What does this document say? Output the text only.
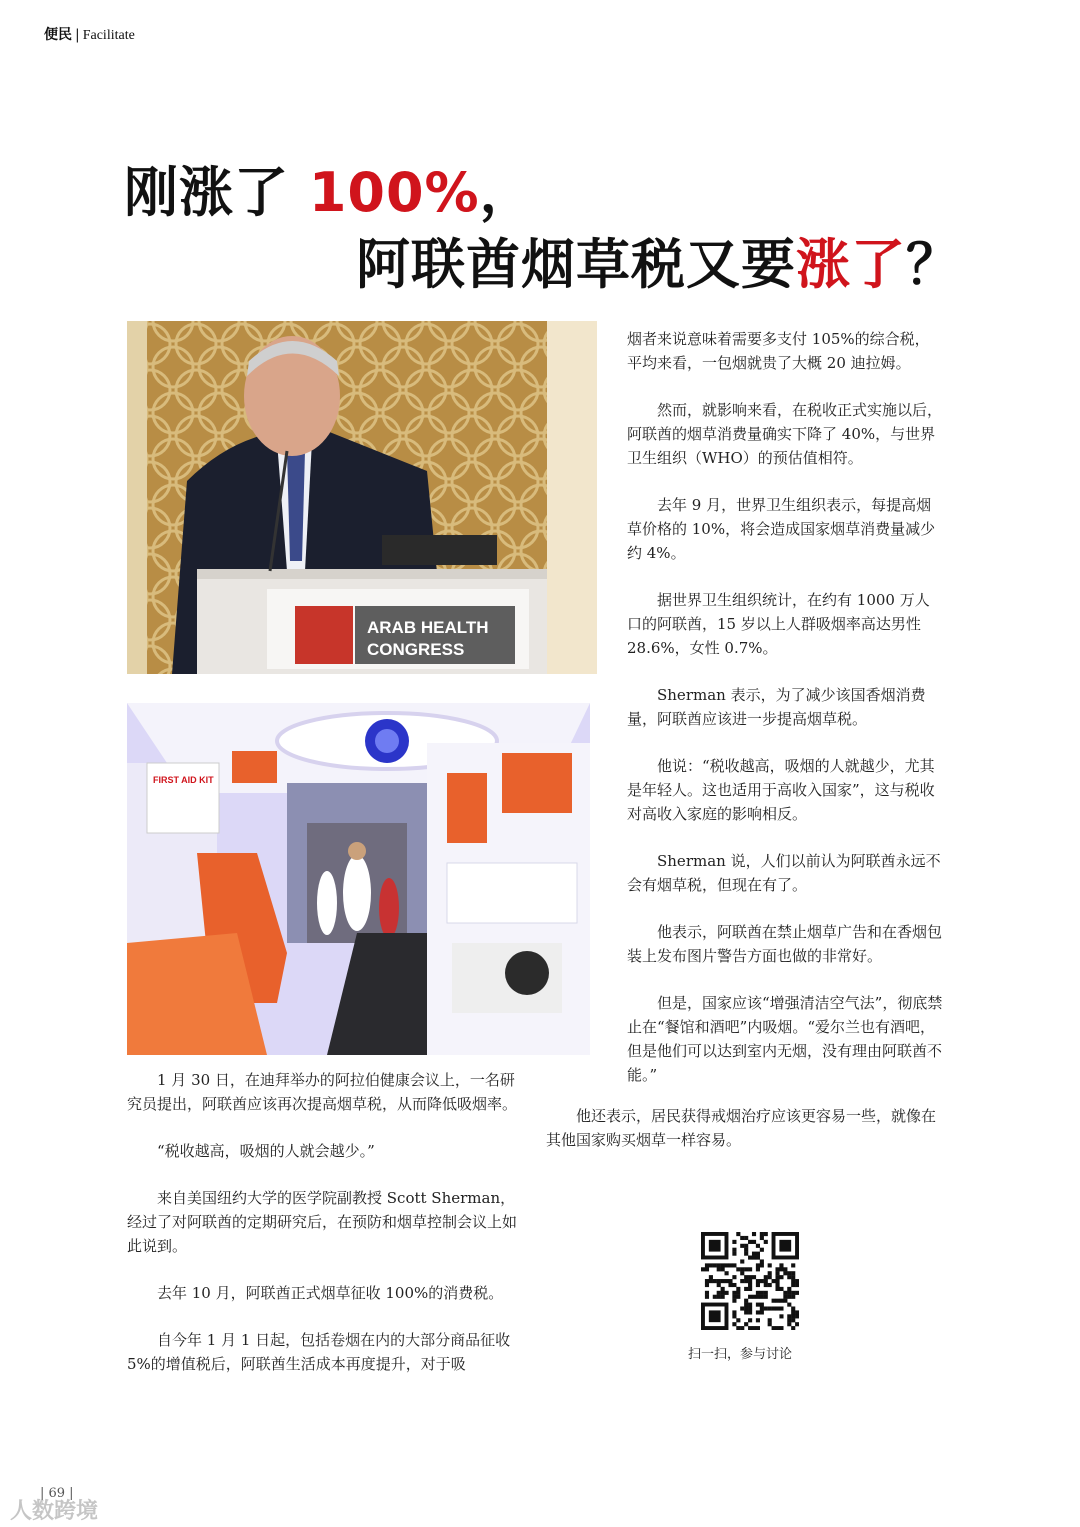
便民 | Facilitate
刚涨了 100%，
阿联酋烟草税又要涨了？
ARAB HEALTH
CONGRESS
FIRST AID KIT

1 月 30 日，在迪拜举办的阿拉伯健康会议上，一名研究员提出，阿联酋应该再次提高烟草税，从而降低吸烟率。

“税收越高，吸烟的人就会越少。”

来自美国纽约大学的医学院副教授 Scott Sherman，经过了对阿联酋的定期研究后，在预防和烟草控制会议上如此说到。

去年 10 月，阿联酋正式烟草征收 100%的消费税。

自今年 1 月 1 日起，包括卷烟在内的大部分商品征收 5%的增值税后，阿联酋生活成本再度提升，对于吸

烟者来说意味着需要多支付 105%的综合税，平均来看，一包烟就贵了大概 20 迪拉姆。

然而，就影响来看，在税收正式实施以后，阿联酋的烟草消费量确实下降了 40%，与世界卫生组织（WHO）的预估值相符。

去年 9 月，世界卫生组织表示，每提高烟草价格的 10%，将会造成国家烟草消费量减少约 4%。

据世界卫生组织统计，在约有 1000 万人口的阿联酋，15 岁以上人群吸烟率高达男性 28.6%，女性 0.7%。

Sherman 表示，为了减少该国香烟消费量，阿联酋应该进一步提高烟草税。

他说：“税收越高，吸烟的人就越少，尤其是年轻人。这也适用于高收入国家”，这与税收对高收入家庭的影响相反。

Sherman 说，人们以前认为阿联酋永远不会有烟草税，但现在有了。

他表示，阿联酋在禁止烟草广告和在香烟包装上发布图片警告方面也做的非常好。

但是，国家应该“增强清洁空气法”，彻底禁止在“餐馆和酒吧”内吸烟。“爱尔兰也有酒吧，但是他们可以达到室内无烟，没有理由阿联酋不能。”

他还表示，居民获得戒烟治疗应该更容易一些，就像在其他国家购买烟草一样容易。
扫一扫，参与讨论
| 69 |
人数跨境
